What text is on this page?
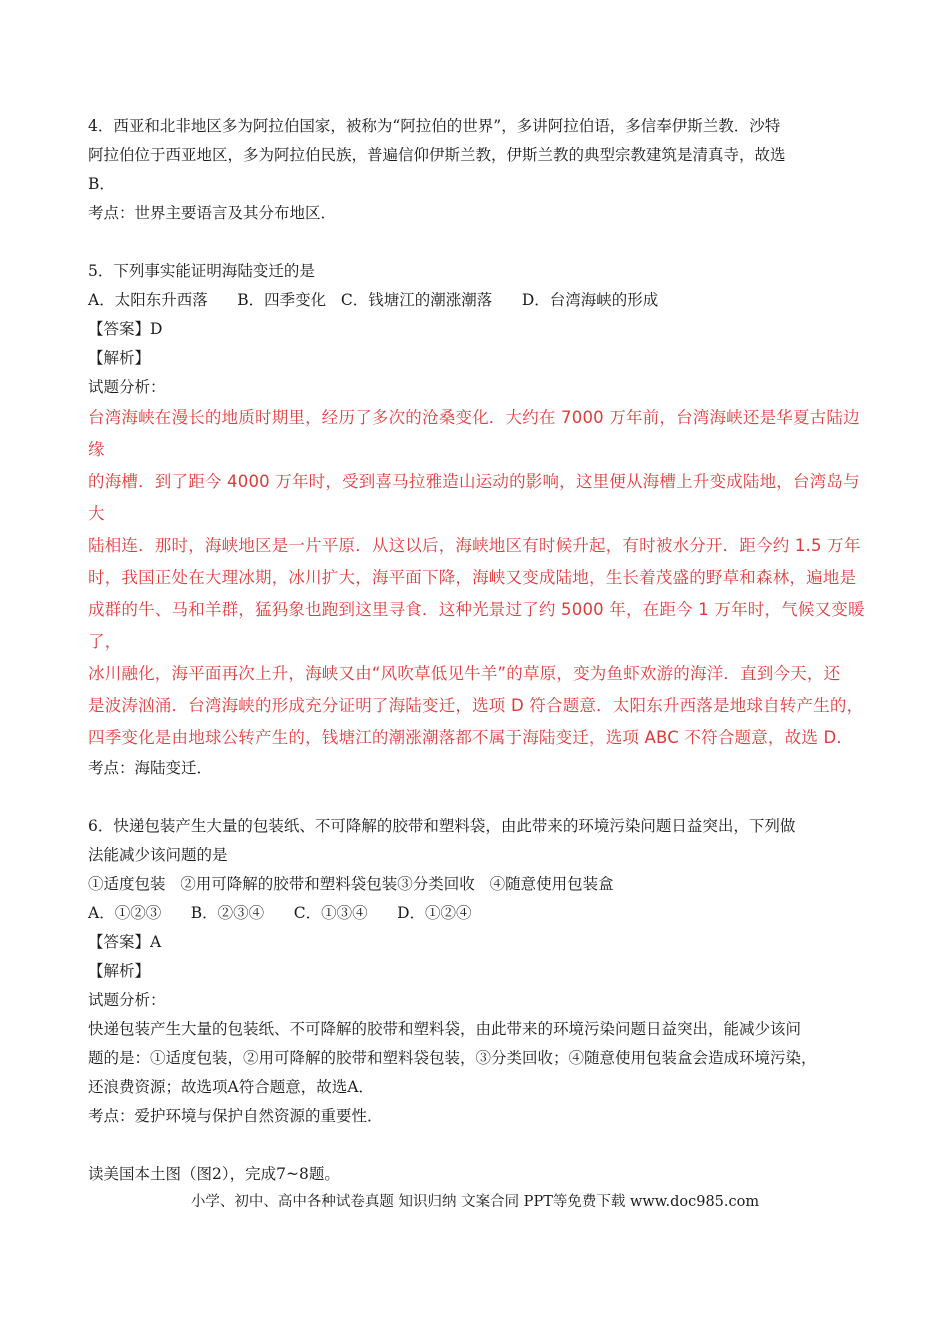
4．西亚和北非地区多为阿拉伯国家，被称为“阿拉伯的世界”，多讲阿拉伯语，多信奉伊斯兰教．沙特

阿拉伯位于西亚地区，多为阿拉伯民族，普遍信仰伊斯兰教，伊斯兰教的典型宗教建筑是清真寺，故选

B．

考点：世界主要语言及其分布地区．

5．下列事实能证明海陆变迁的是

A．太阳东升西落      B．四季变化   C．钱塘江的潮涨潮落      D．台湾海峡的形成

【答案】D

【解析】

试题分析：

台湾海峡在漫长的地质时期里，经历了多次的沧桑变化．大约在 7000 万年前，台湾海峡还是华夏古陆边缘

的海槽．到了距今 4000 万年时，受到喜马拉雅造山运动的影响，这里便从海槽上升变成陆地，台湾岛与大

陆相连．那时，海峡地区是一片平原．从这以后，海峡地区有时候升起，有时被水分开．距今约 1.5 万年

时，我国正处在大理冰期，冰川扩大，海平面下降，海峡又变成陆地，生长着茂盛的野草和森林，遍地是

成群的牛、马和羊群，猛犸象也跑到这里寻食．这种光景过了约 5000 年，在距今 1 万年时，气候又变暖了，

冰川融化，海平面再次上升，海峡又由“风吹草低见牛羊”的草原，变为鱼虾欢游的海洋．直到今天，还

是波涛汹涌．台湾海峡的形成充分证明了海陆变迁，选项 D 符合题意．太阳东升西落是地球自转产生的，

四季变化是由地球公转产生的，钱塘江的潮涨潮落都不属于海陆变迁，选项 ABC 不符合题意，故选 D．

考点：海陆变迁．

6．快递包装产生大量的包装纸、不可降解的胶带和塑料袋，由此带来的环境污染问题日益突出，下列做

法能减少该问题的是

①适度包装   ②用可降解的胶带和塑料袋包装③分类回收   ④随意使用包装盒

A．①②③      B．②③④      C．①③④      D．①②④

【答案】A

【解析】

试题分析：

快递包装产生大量的包装纸、不可降解的胶带和塑料袋，由此带来的环境污染问题日益突出，能减少该问

题的是：①适度包装，②用可降解的胶带和塑料袋包装，③分类回收；④随意使用包装盒会造成环境污染，

还浪费资源；故选项A符合题意，故选A．

考点：爱护环境与保护自然资源的重要性．

读美国本土图（图2），完成7~8题。

小学、初中、高中各种试卷真题 知识归纳 文案合同 PPT等免费下载 www.doc985.com
